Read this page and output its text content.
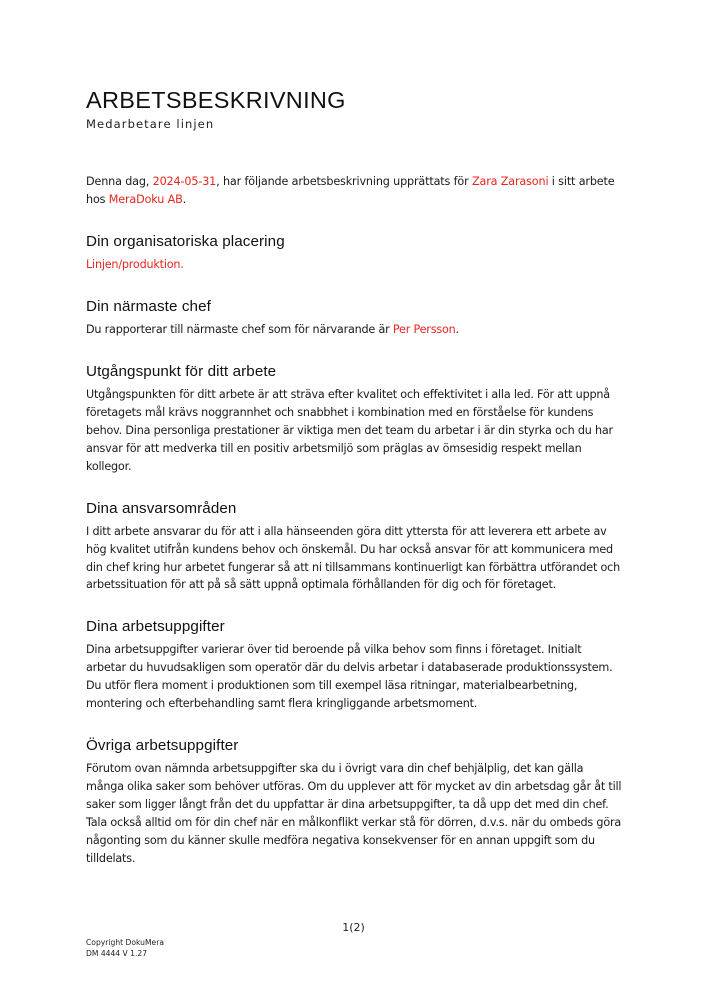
ARBETSBESKRIVNING
Medarbetare linjen

Denna dag, 2024-05-31, har följande arbetsbeskrivning upprättats för Zara Zarasoni i sitt arbete hos MeraDoku AB.

Din organisatoriska placering

Linjen/produktion.

Din närmaste chef

Du rapporterar till närmaste chef som för närvarande är Per Persson.

Utgångspunkt för ditt arbete

Utgångspunkten för ditt arbete är att sträva efter kvalitet och effektivitet i alla led. För att uppnå företagets mål krävs noggrannhet och snabbhet i kombination med en förståelse för kundens behov. Dina personliga prestationer är viktiga men det team du arbetar i är din styrka och du har ansvar för att medverka till en positiv arbetsmiljö som präglas av ömsesidig respekt mellan kollegor.

Dina ansvarsområden

I ditt arbete ansvarar du för att i alla hänseenden göra ditt yttersta för att leverera ett arbete av hög kvalitet utifrån kundens behov och önskemål. Du har också ansvar för att kommunicera med din chef kring hur arbetet fungerar så att ni tillsammans kontinuerligt kan förbättra utförandet och arbetssituation för att på så sätt uppnå optimala förhållanden för dig och för företaget.

Dina arbetsuppgifter

Dina arbetsuppgifter varierar över tid beroende på vilka behov som finns i företaget. Initialt arbetar du huvudsakligen som operatör där du delvis arbetar i databaserade produktionssystem. Du utför flera moment i produktionen som till exempel läsa ritningar, materialbearbetning, montering och efterbehandling samt flera kringliggande arbetsmoment.

Övriga arbetsuppgifter

Förutom ovan nämnda arbetsuppgifter ska du i övrigt vara din chef behjälplig, det kan gälla många olika saker som behöver utföras. Om du upplever att för mycket av din arbetsdag går åt till saker som ligger långt från det du uppfattar är dina arbetsuppgifter, ta då upp det med din chef. Tala också alltid om för din chef när en målkonflikt verkar stå för dörren, d.v.s. när du ombeds göra någonting som du känner skulle medföra negativa konsekvenser för en annan uppgift som du tilldelats.

1(2)
Copyright DokuMera
DM 4444 V 1.27
